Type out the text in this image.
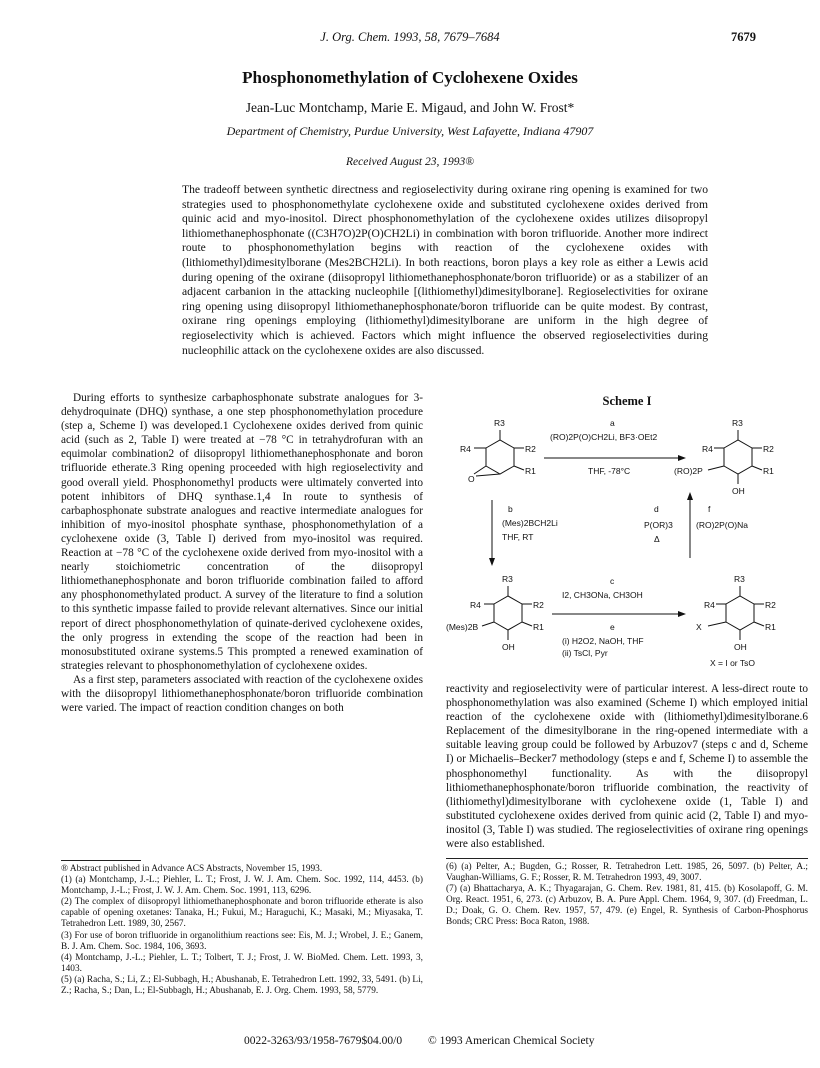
J. Org. Chem. 1993, 58, 7679–7684	7679
Phosphonomethylation of Cyclohexene Oxides
Jean-Luc Montchamp, Marie E. Migaud, and John W. Frost*
Department of Chemistry, Purdue University, West Lafayette, Indiana 47907
Received August 23, 1993®

The tradeoff between synthetic directness and regioselectivity during oxirane ring opening is examined for two strategies used to phosphonomethylate cyclohexene oxide and substituted cyclohexene oxides derived from quinic acid and myo-inositol. Direct phosphonomethylation of the cyclohexene oxides utilizes diisopropyl lithiomethanephosphonate ((C3H7O)2P(O)CH2Li) in combination with boron trifluoride. Another more indirect route to phosphonomethylation begins with reaction of the cyclohexene oxides with (lithiomethyl)dimesitylborane (Mes2BCH2Li). In both reactions, boron plays a key role as either a Lewis acid during opening of the oxirane (diisopropyl lithiomethanephosphonate/boron trifluoride) or as a stabilizer of an adjacent carbanion in the attacking nucleophile [(lithiomethyl)dimesitylborane]. Regioselectivities for oxirane ring opening using diisopropyl lithiomethanephosphonate/boron trifluoride can be quite modest. By contrast, oxirane ring openings employing (lithiomethyl)dimesitylborane are uniform in the high degree of regioselectivity which is achieved. Factors which might influence the observed regioselectivities during nucleophilic attack on the cyclohexene oxides are also discussed.

During efforts to synthesize carbaphosphonate substrate analogues for 3-dehydroquinate (DHQ) synthase, a one step phosphonomethylation procedure (step a, Scheme I) was developed.1 Cyclohexene oxides derived from quinic acid (such as 2, Table I) were treated at −78 °C in tetrahydrofuran with an equimolar combination2 of diisopropyl lithiomethanephosphonate and boron trifluoride etherate.3 Ring opening proceeded with high regioselectivity and good overall yield. Phosphonomethyl products were ultimately converted into potent inhibitors of DHQ synthase.1,4 In route to synthesis of carbaphosphonate substrate analogues and reactive intermediate analogues for inhibition of myo-inositol phosphate synthase, phosphonomethylation of a cyclohexene oxide (3, Table I) derived from myo-inositol was required. Reaction at −78 °C of the cyclohexene oxide derived from myo-inositol with a nearly stoichiometric concentration of the diisopropyl lithiomethanephosphonate and boron trifluoride combination failed to afford any phosphonomethylated product. A survey of the literature to find a solution to this synthetic impasse failed to provide relevant alternatives. Since our initial report of direct phosphonomethylation of quinate-derived cyclohexene oxides, the only progress in extending the scope of the reaction had been in monosubstituted oxirane systems.5 This prompted a renewed examination of strategies relevant to phosphonomethylation of cyclohexene oxides.

As a first step, parameters associated with reaction of the cyclohexene oxides with the diisopropyl lithiomethanephosphonate/boron trifluoride combination were varied. The impact of reaction condition changes on both

Scheme I
R4
R3
R2
R1
O
a
(RO)2P(O)CH2Li, BF3·OEt2
THF, -78°C
R4
R3
R2
R1
(RO)2P
OH
b
(Mes)2BCH2Li
THF, RT
d
P(OR)3
Δ
f
(RO)2P(O)Na
R4
R3
R2
R1
(Mes)2B
OH
c
I2, CH3ONa, CH3OH
e
(i) H2O2, NaOH, THF
(ii) TsCl, Pyr
R4
R3
R2
R1
X
OH
X = I or TsO

reactivity and regioselectivity were of particular interest. A less-direct route to phosphonomethylation was also examined (Scheme I) which employed initial reaction of the cyclohexene oxide with (lithiomethyl)dimesitylborane.6 Replacement of the dimesitylborane in the ring-opened intermediate with a suitable leaving group could be followed by Arbuzov7 (steps c and d, Scheme I) or Michaelis–Becker7 methodology (steps e and f, Scheme I) to assemble the phosphonomethyl functionality. As with the diisopropyl lithiomethanephosphonate/boron trifluoride combination, the reactivity of (lithiomethyl)dimesitylborane with cyclohexene oxide (1, Table I) and substituted cyclohexene oxides derived from quinic acid (2, Table I) and myo-inositol (3, Table I) was studied. The regioselectivities of oxirane ring openings were also established.

® Abstract published in Advance ACS Abstracts, November 15, 1993.
(1) (a) Montchamp, J.-L.; Piehler, L. T.; Frost, J. W. J. Am. Chem. Soc. 1992, 114, 4453. (b) Montchamp, J.-L.; Frost, J. W. J. Am. Chem. Soc. 1991, 113, 6296.
(2) The complex of diisopropyl lithiomethanephosphonate and boron trifluoride etherate is also capable of opening oxetanes: Tanaka, H.; Fukui, M.; Haraguchi, K.; Masaki, M.; Miyasaka, T. Tetrahedron Lett. 1989, 30, 2567.
(3) For use of boron trifluoride in organolithium reactions see: Eis, M. J.; Wrobel, J. E.; Ganem, B. J. Am. Chem. Soc. 1984, 106, 3693.
(4) Montchamp, J.-L.; Piehler, L. T.; Tolbert, T. J.; Frost, J. W. BioMed. Chem. Lett. 1993, 3, 1403.
(5) (a) Racha, S.; Li, Z.; El-Subbagh, H.; Abushanab, E. Tetrahedron Lett. 1992, 33, 5491. (b) Li, Z.; Racha, S.; Dan, L.; El-Subbagh, H.; Abushanab, E. J. Org. Chem. 1993, 58, 5779.
(6) (a) Pelter, A.; Bugden, G.; Rosser, R. Tetrahedron Lett. 1985, 26, 5097. (b) Pelter, A.; Vaughan-Williams, G. F.; Rosser, R. M. Tetrahedron 1993, 49, 3007.
(7) (a) Bhattacharya, A. K.; Thyagarajan, G. Chem. Rev. 1981, 81, 415. (b) Kosolapoff, G. M. Org. React. 1951, 6, 273. (c) Arbuzov, B. A. Pure Appl. Chem. 1964, 9, 307. (d) Freedman, L. D.; Doak, G. O. Chem. Rev. 1957, 57, 479. (e) Engel, R. Synthesis of Carbon-Phosphorus Bonds; CRC Press: Boca Raton, 1988.
0022-3263/93/1958-7679$04.00/0 © 1993 American Chemical Society
